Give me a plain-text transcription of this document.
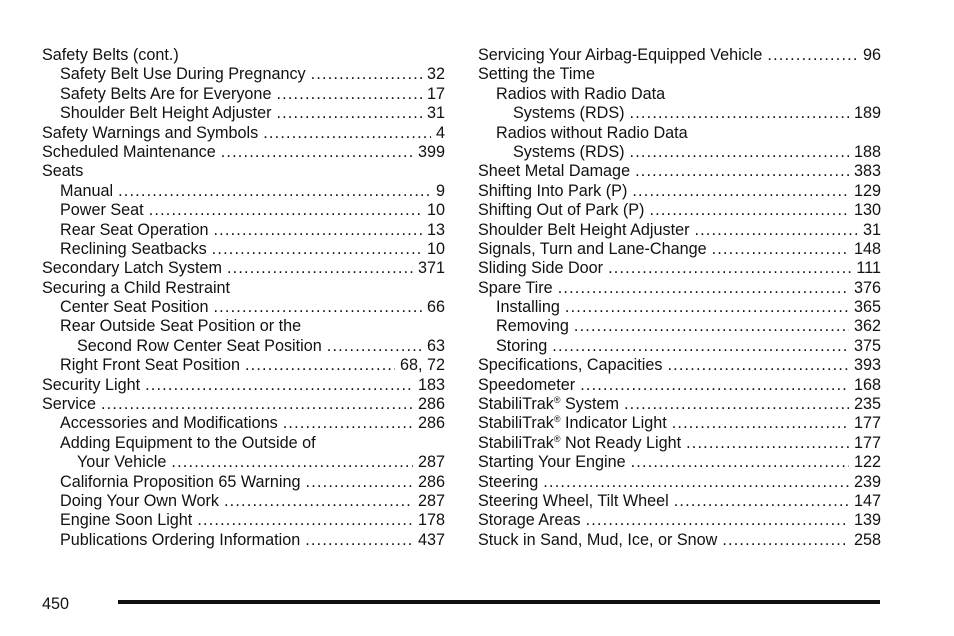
Safety Belts (cont.)
Safety Belt Use During Pregnancy .....	32
Safety Belts Are for Everyone .....	17
Shoulder Belt Height Adjuster .....	31
Safety Warnings and Symbols .....	4
Scheduled Maintenance .....	399
Seats
Manual .....	9
Power Seat .....	10
Rear Seat Operation .....	13
Reclining Seatbacks .....	10
Secondary Latch System .....	371
Securing a Child Restraint
Center Seat Position .....	66
Rear Outside Seat Position or the
Second Row Center Seat Position .....	63
Right Front Seat Position .....	68, 72
Security Light .....	183
Service .....	286
Accessories and Modifications .....	286
Adding Equipment to the Outside of
Your Vehicle .....	287
California Proposition 65 Warning .....	286
Doing Your Own Work .....	287
Engine Soon Light .....	178
Publications Ordering Information .....	437
Servicing Your Airbag-Equipped Vehicle .....	96
Setting the Time
Radios with Radio Data
Systems (RDS) .....	189
Radios without Radio Data
Systems (RDS) .....	188
Sheet Metal Damage .....	383
Shifting Into Park (P) .....	129
Shifting Out of Park (P) .....	130
Shoulder Belt Height Adjuster .....	31
Signals, Turn and Lane-Change .....	148
Sliding Side Door .....	111
Spare Tire .....	376
Installing .....	365
Removing .....	362
Storing .....	375
Specifications, Capacities .....	393
Speedometer .....	168
StabiliTrak® System .....	235
StabiliTrak® Indicator Light .....	177
StabiliTrak® Not Ready Light .....	177
Starting Your Engine .....	122
Steering .....	239
Steering Wheel, Tilt Wheel .....	147
Storage Areas .....	139
Stuck in Sand, Mud, Ice, or Snow .....	258
450
